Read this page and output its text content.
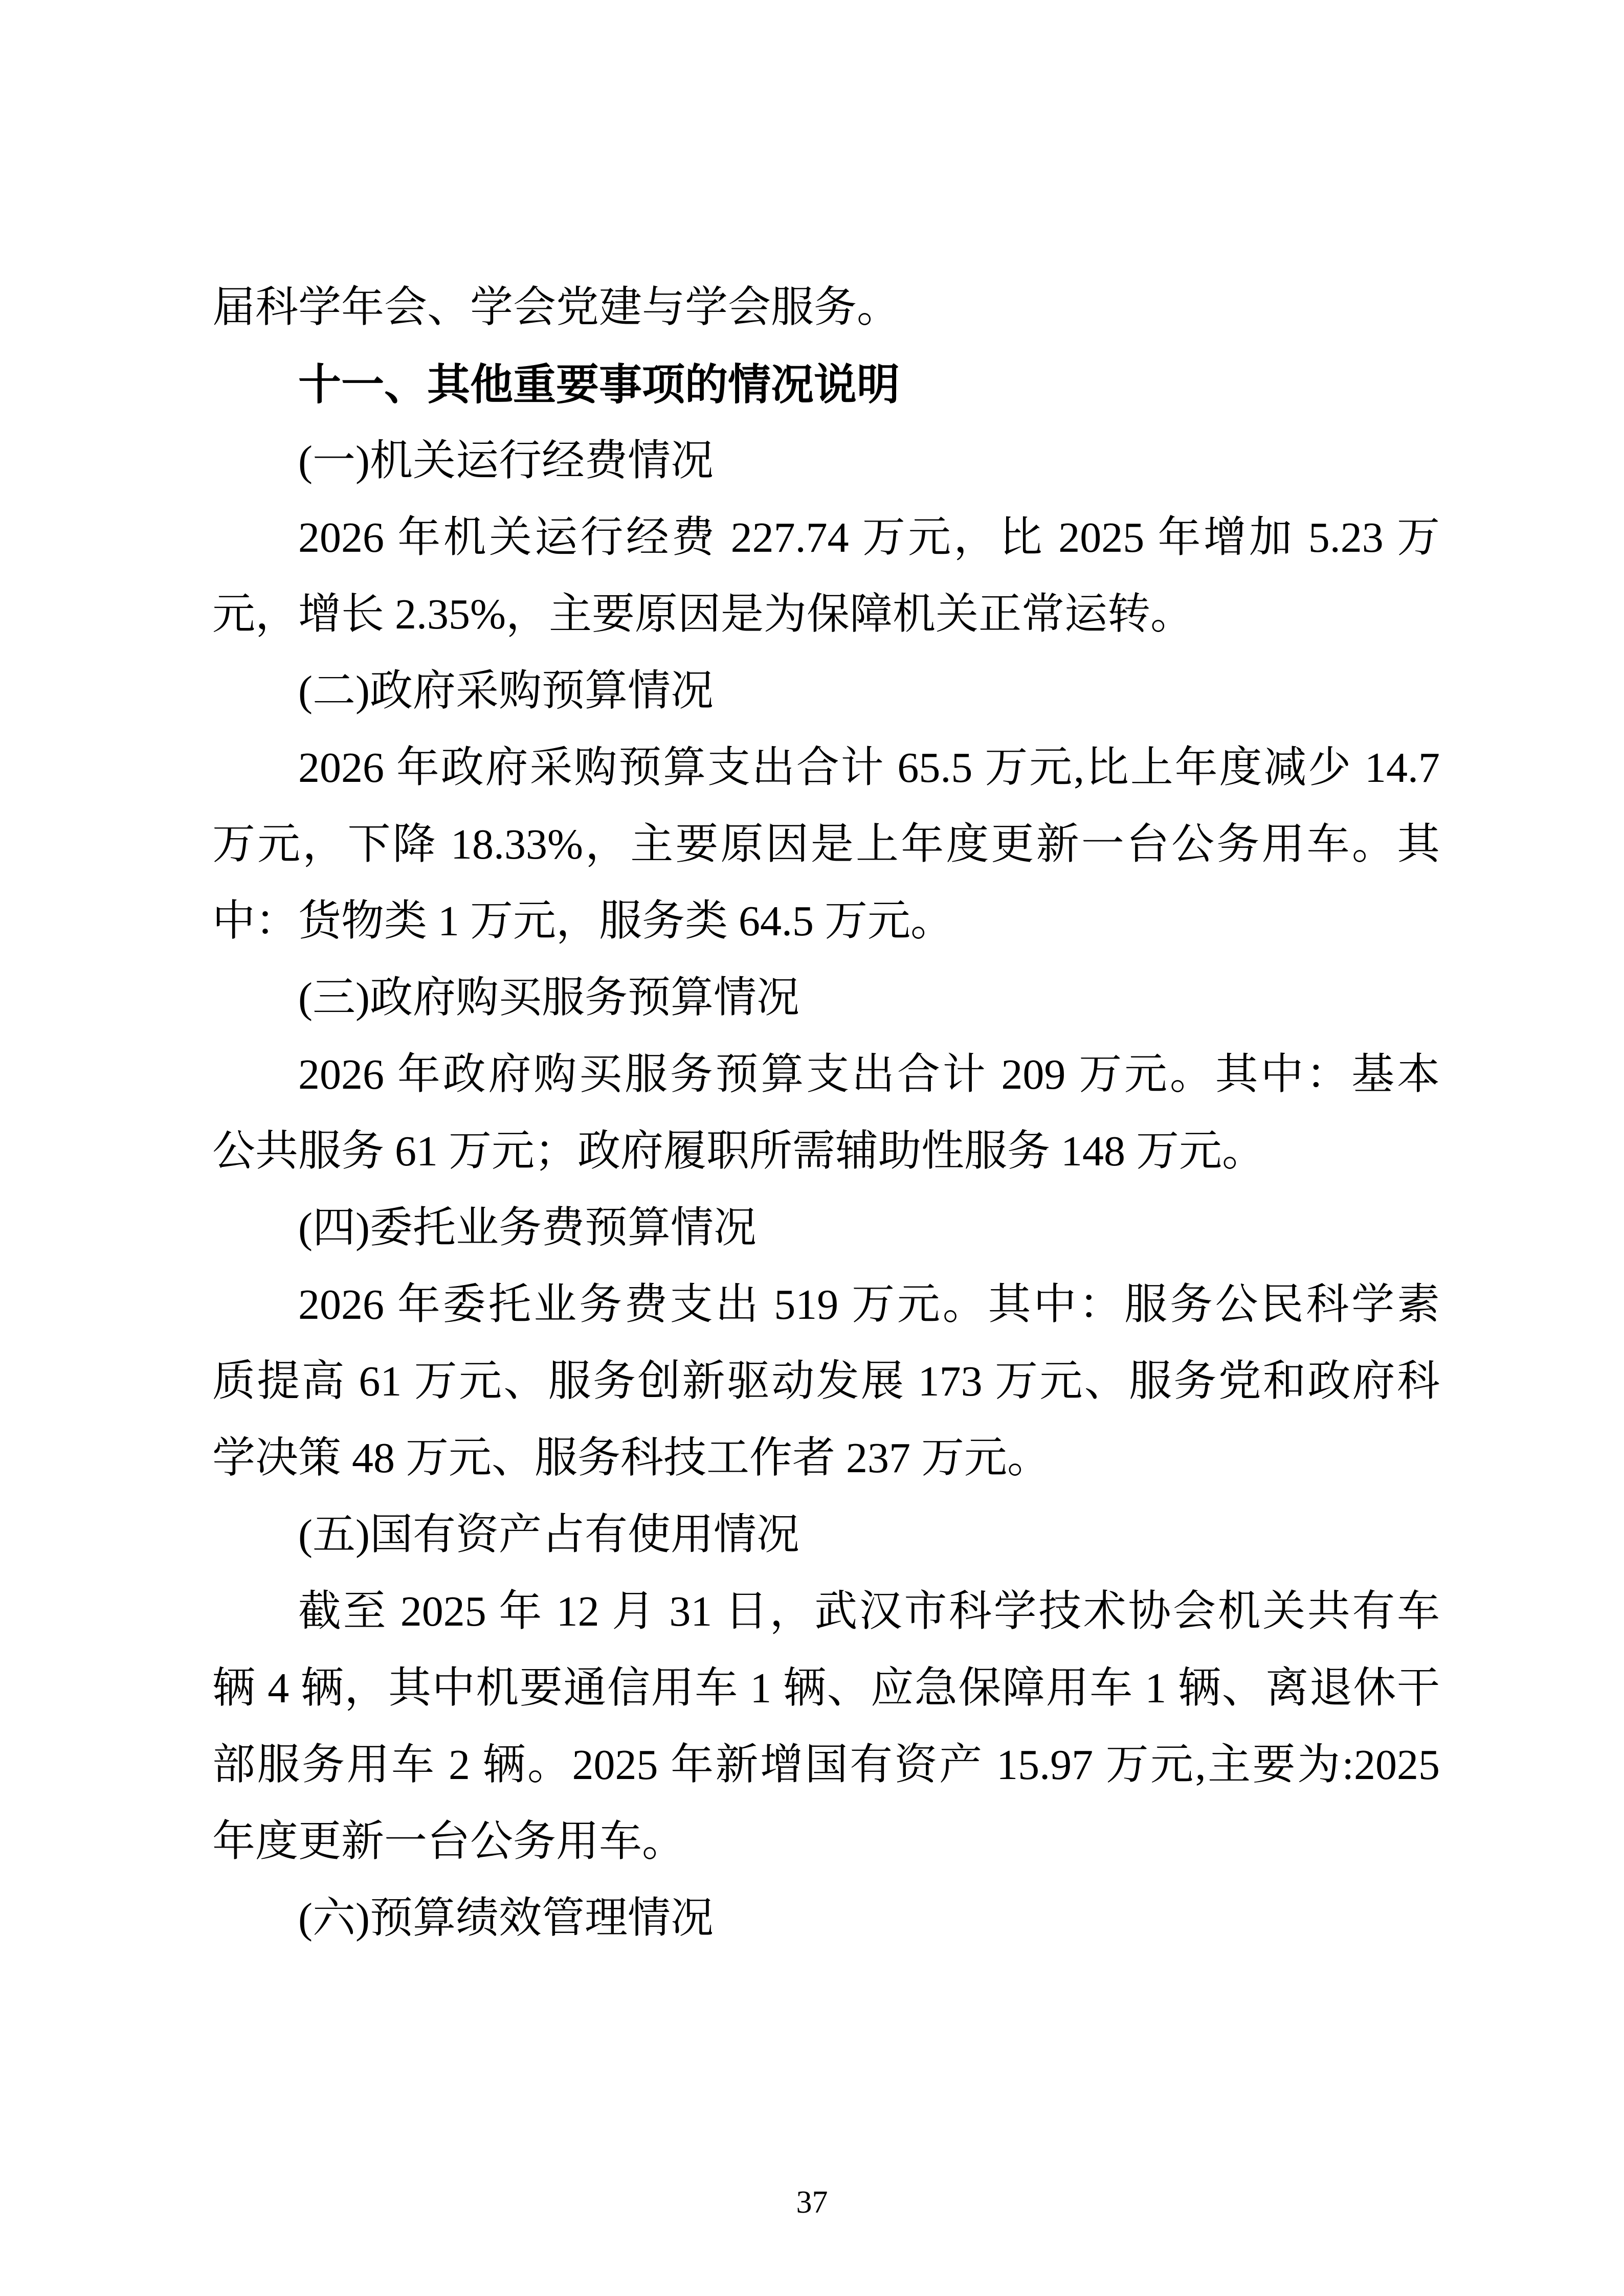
届科学年会、学会党建与学会服务。
十一、其他重要事项的情况说明
(一)机关运行经费情况
2026 年机关运行经费 227.74 万元，比 2025 年增加 5.23 万
元，增长 2.35%，主要原因是为保障机关正常运转。
(二)政府采购预算情况
2026 年政府采购预算支出合计 65.5 万元,比上年度减少 14.7
万元，下降 18.33%，主要原因是上年度更新一台公务用车。其
中：货物类 1 万元，服务类 64.5 万元。
(三)政府购买服务预算情况
2026 年政府购买服务预算支出合计 209 万元。其中：基本
公共服务 61 万元；政府履职所需辅助性服务 148 万元。
(四)委托业务费预算情况
2026 年委托业务费支出 519 万元。其中：服务公民科学素
质提高 61 万元、服务创新驱动发展 173 万元、服务党和政府科
学决策 48 万元、服务科技工作者 237 万元。
(五)国有资产占有使用情况
截至 2025 年 12 月 31 日，武汉市科学技术协会机关共有车
辆 4 辆，其中机要通信用车 1 辆、应急保障用车 1 辆、离退休干
部服务用车 2 辆。2025 年新增国有资产 15.97 万元,主要为:2025
年度更新一台公务用车。
(六)预算绩效管理情况
37
